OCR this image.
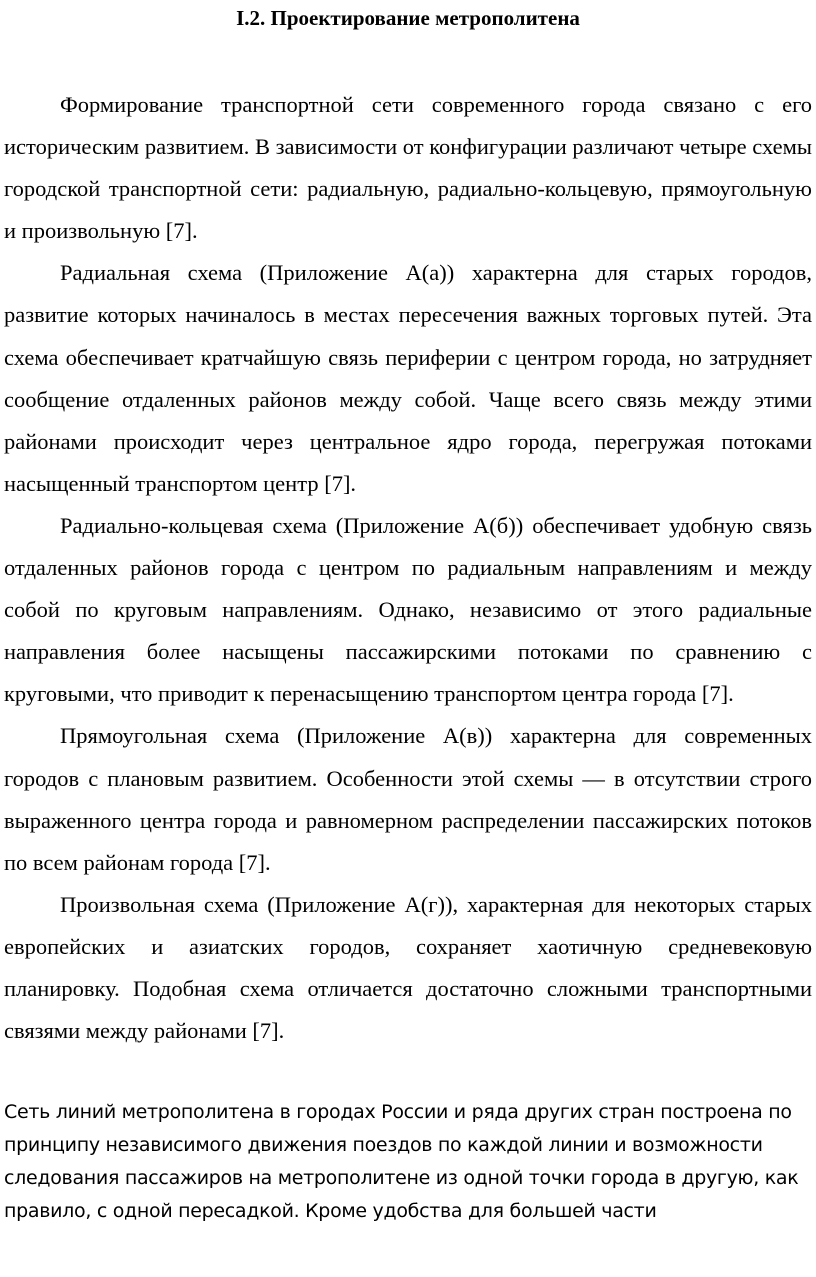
I.2. Проектирование метрополитена

Формирование транспортной сети современного города связано с его историческим развитием. В зависимости от конфигурации различают четыре схемы городской транспортной сети: радиальную, радиально-кольцевую, прямоугольную и произвольную [7].

Радиальная схема (Приложение А(а)) характерна для старых городов, развитие которых начиналось в местах пересечения важных торговых путей. Эта схема обеспечивает кратчайшую связь периферии с центром города, но затрудняет сообщение отдаленных районов между собой. Чаще всего связь между этими районами происходит через центральное ядро города, перегружая потоками насыщенный транспортом центр [7].

Радиально-кольцевая схема (Приложение А(б)) обеспечивает удобную связь отдаленных районов города с центром по радиальным направлениям и между собой по круговым направлениям. Однако, независимо от этого радиальные направления более насыщены пассажирскими потоками по сравнению с круговыми, что приводит к перенасыщению транспортом центра города [7].

Прямоугольная схема (Приложение А(в)) характерна для современных городов с плановым развитием. Особенности этой схемы — в отсутствии строго выраженного центра города и равномерном распределении пассажирских потоков по всем районам города [7].

Произвольная схема (Приложение А(г)), характерная для некоторых старых европейских и азиатских городов, сохраняет хаотичную средневековую планировку. Подобная схема отличается достаточно сложными транспортными связями между районами [7].

Сеть линий метрополитена в городах России и ряда других стран построена по принципу независимого движения поездов по каждой линии и возможности следования пассажиров на метрополитене из одной точки города в другую, как правило, с одной пересадкой. Кроме удобства для большей части
